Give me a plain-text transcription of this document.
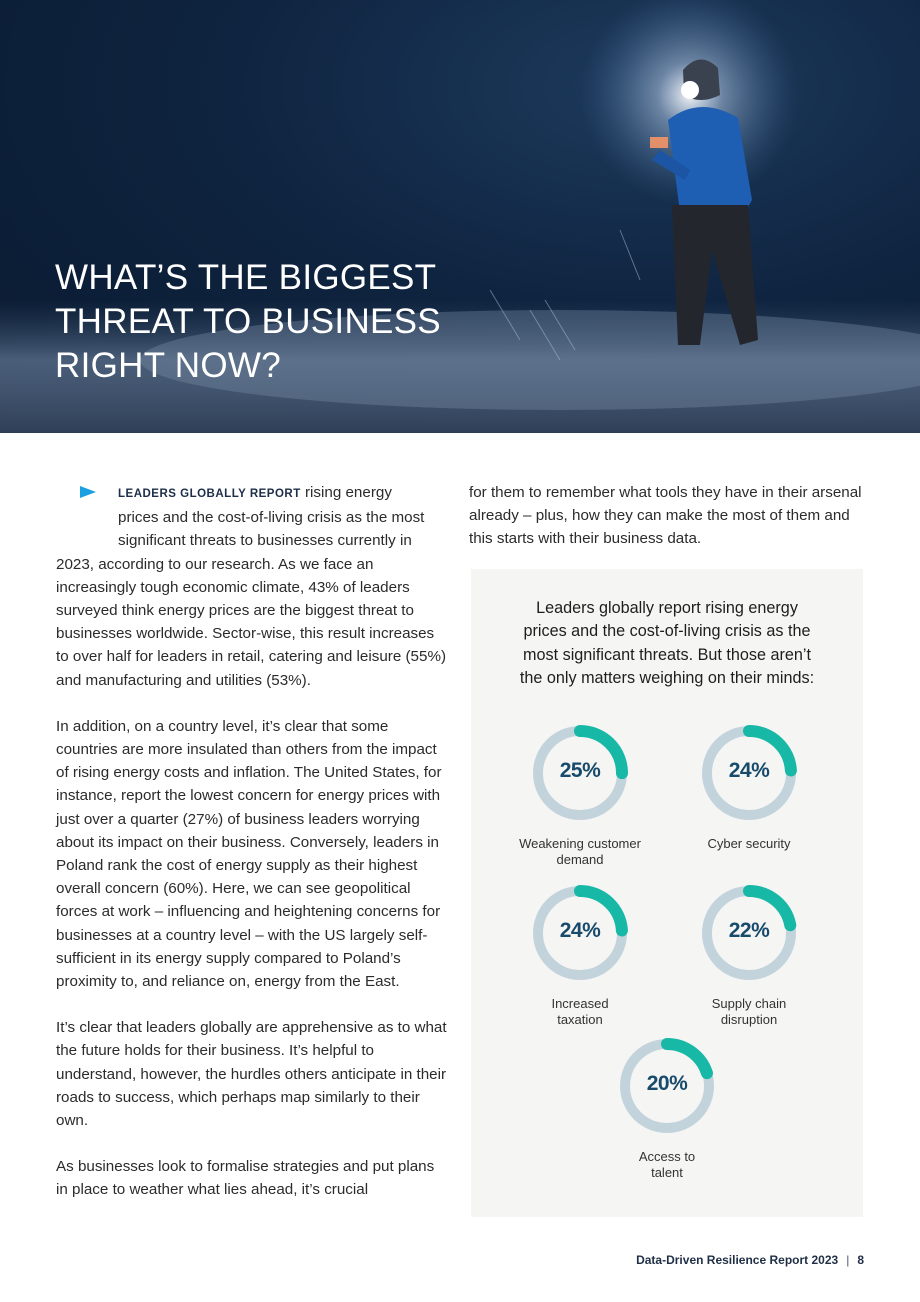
WHAT’S THE BIGGEST
THREAT TO BUSINESS
RIGHT NOW?

LEADERS GLOBALLY REPORT rising energy
prices and the cost-of-living crisis as the most
significant threats to businesses currently in
2023, according to our research. As we face an increasingly tough economic climate, 43% of leaders surveyed think energy prices are the biggest threat to businesses worldwide. Sector-wise, this result increases to over half for leaders in retail, catering and leisure (55%) and manufacturing and utilities (53%).

In addition, on a country level, it’s clear that some countries are more insulated than others from the impact of rising energy costs and inflation. The United States, for instance, report the lowest concern for energy prices with just over a quarter (27%) of business leaders worrying about its impact on their business. Conversely, leaders in Poland rank the cost of energy supply as their highest overall concern (60%). Here, we can see geopolitical forces at work – influencing and heightening concerns for businesses at a country level – with the US largely self-sufficient in its energy supply compared to Poland’s proximity to, and reliance on, energy from the East.

It’s clear that leaders globally are apprehensive as to what the future holds for their business. It’s helpful to understand, however, the hurdles others anticipate in their roads to success, which perhaps map similarly to their own.

As businesses look to formalise strategies and put plans in place to weather what lies ahead, it’s crucial

for them to remember what tools they have in their arsenal already – plus, how they can make the most of them and this starts with their business data.

Leaders globally report rising energy
prices and the cost-of-living crisis as the
most significant threats. But those aren’t
the only matters weighing on their minds:

25%
Weakening customer
demand
24%
Cyber security
24%
Increased
taxation
22%
Supply chain
disruption
20%
Access to
talent
Data-Driven Resilience Report 2023 | 8
